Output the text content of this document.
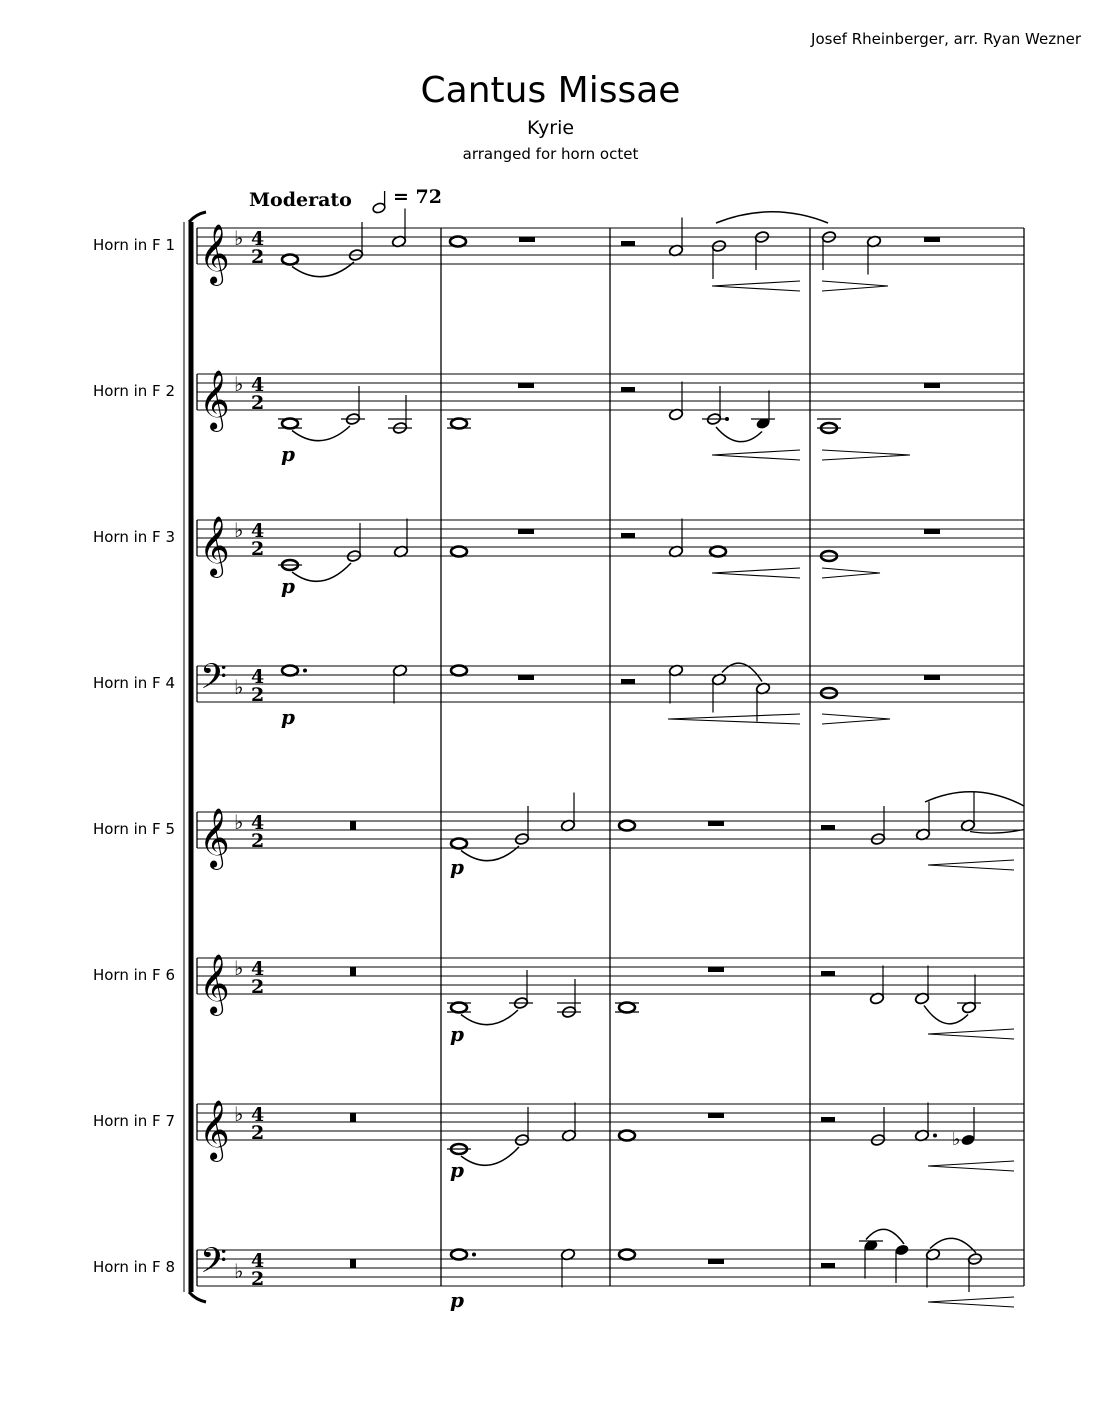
Josef Rheinberger, arr. Ryan Wezner
Cantus Missae
Kyrie
arranged for horn octet
Moderato = 72
Horn in F 1
Horn in F 2
Horn in F 3
Horn in F 4
Horn in F 5
Horn in F 6
Horn in F 7
Horn in F 8
𝄞 ♭ 4
2
𝄞 ♭ 4
2
𝄞 ♭ 4
2
𝄢 ♭ 4
2
𝄞 ♭ 4
2
𝄞 ♭ 4
2
𝄞 ♭ 4
2
𝄢 ♭ 4
2
p
p
p
p
p
p
♭
p
